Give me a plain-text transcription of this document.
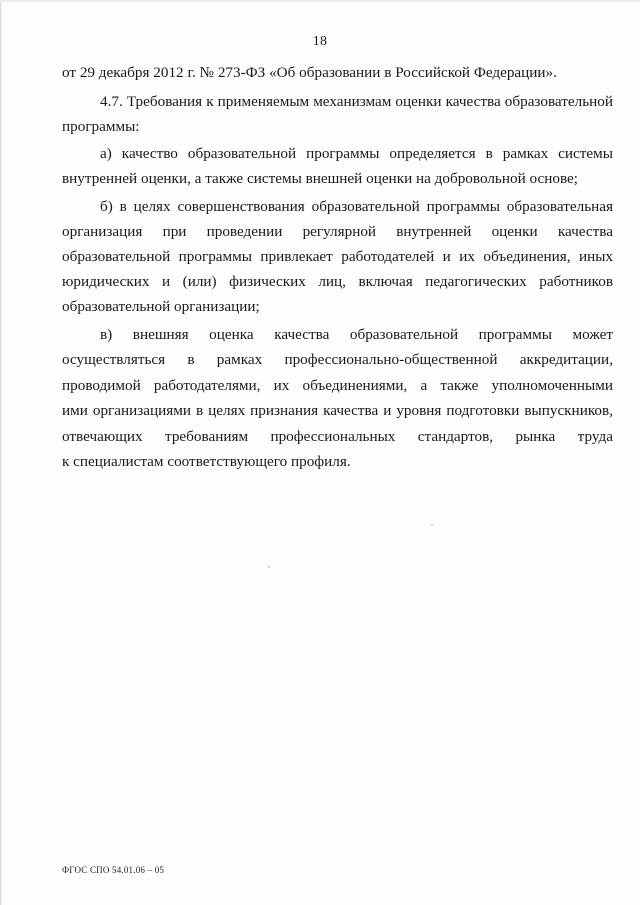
18
от 29 декабря 2012 г. № 273-ФЗ «Об образовании в Российской Федерации».
4.7. Требования к применяемым механизмам оценки качества образовательной
программы:
а) качество образовательной программы определяется в рамках системы
внутренней оценки, а также системы внешней оценки на добровольной основе;
б) в целях совершенствования образовательной программы образовательная
организация при проведении регулярной внутренней оценки качества
образовательной программы привлекает работодателей и их объединения, иных
юридических и (или) физических лиц, включая педагогических работников
образовательной организации;
в) внешняя оценка качества образовательной программы может
осуществляться в рамках профессионально-общественной аккредитации,
проводимой работодателями, их объединениями, а также уполномоченными
ими организациями в целях признания качества и уровня подготовки выпускников,
отвечающих требованиям профессиональных стандартов, рынка труда
к специалистам соответствующего профиля.
ФГОС СПО 54.01.06 – 05
